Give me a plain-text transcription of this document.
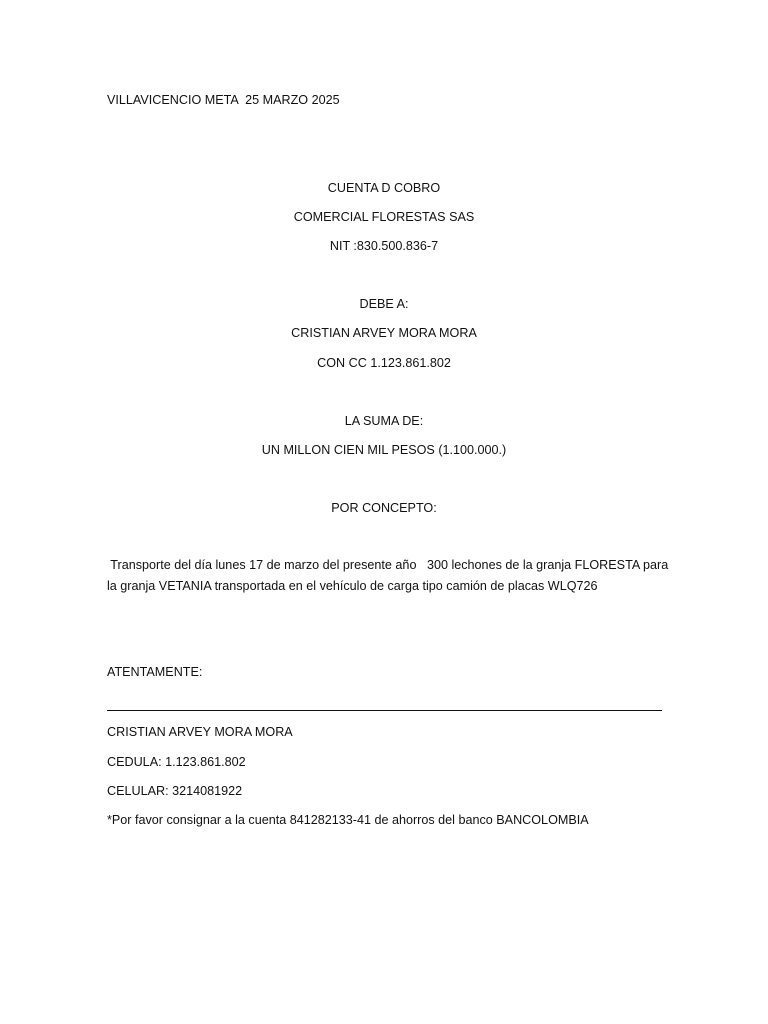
VILLAVICENCIO META  25 MARZO 2025
CUENTA D COBRO
COMERCIAL FLORESTAS SAS
NIT :830.500.836-7
DEBE A:
CRISTIAN ARVEY MORA MORA
CON CC 1.123.861.802
LA SUMA DE:
UN MILLON CIEN MIL PESOS (1.100.000.)
POR CONCEPTO:
Transporte del día lunes 17 de marzo del presente año   300 lechones de la granja FLORESTA para
la granja VETANIA transportada en el vehículo de carga tipo camión de placas WLQ726
ATENTAMENTE:
CRISTIAN ARVEY MORA MORA
CEDULA: 1.123.861.802
CELULAR: 3214081922
*Por favor consignar a la cuenta 841282133-41 de ahorros del banco BANCOLOMBIA
